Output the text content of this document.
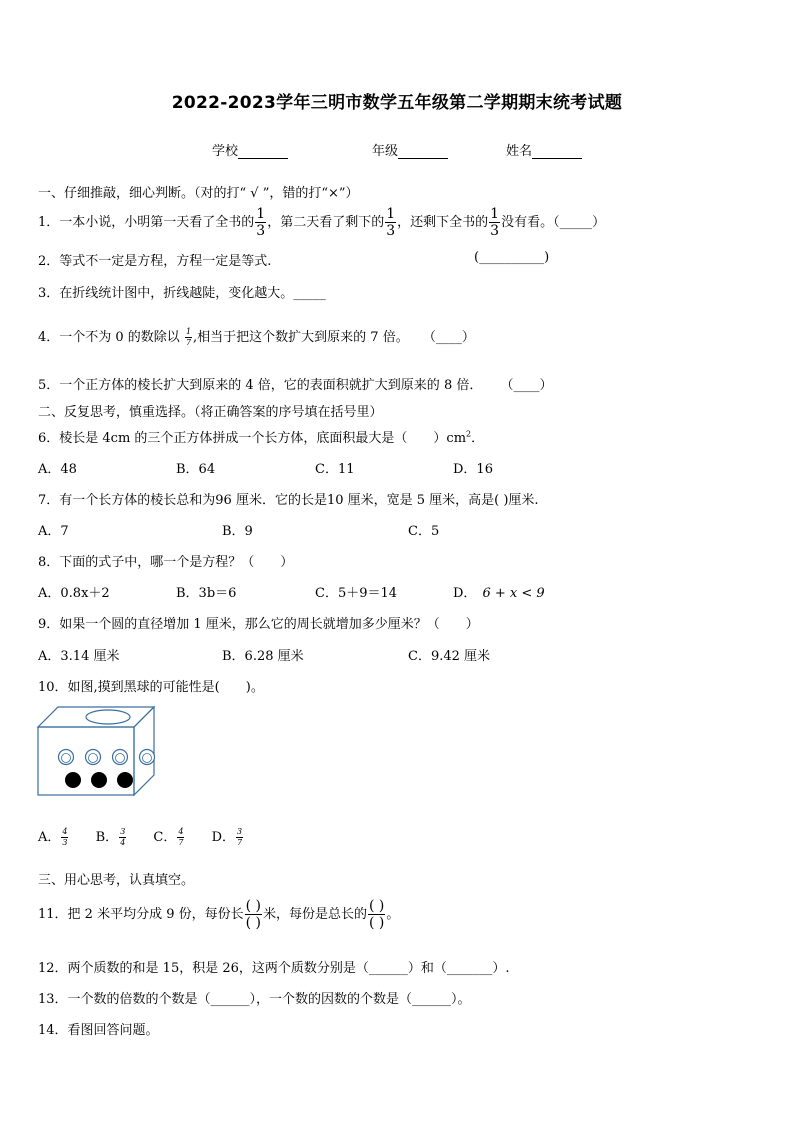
2022-2023学年三明市数学五年级第二学期期末统考试题
学校	年级	姓名
一、仔细推敲，细心判断。（对的打“ √ ”，错的打“×”）
1．一本小说，小明第一天看了全书的 $\frac{1}{3}$ ，第二天看了剩下的 $\frac{1}{3}$ ，还剩下全书的 $\frac{1}{3}$ 没有看。（_____）
2．等式不一定是方程，方程一定是等式.	(__________)
3．在折线统计图中，折线越陡，变化越大。_____
4．一个不为 0 的数除以 $\frac{1}{7}$ ,相当于把这个数扩大到原来的 7 倍。 （____）
5．一个正方体的棱长扩大到原来的 4 倍，它的表面积就扩大到原来的 8 倍． （____）
二、反复思考，慎重选择。（将正确答案的序号填在括号里）
6．棱长是 4cm 的三个正方体拼成一个长方体，底面积最大是（　　）$cm^2$．
A．48	B．64	C．11	D．16
7．有一个长方体的棱长总和为96 厘米．它的长是10 厘米，宽是 5 厘米，高是( )厘米.
A．7	B．9	C．5
8．下面的式子中，哪一个是方程？（　　）
A．0.8x＋2	B．3b＝6	C．5＋9＝14	D． 6 + x < 9
9．如果一个圆的直径增加 1 厘米，那么它的周长就增加多少厘米？（　　）
A．3.14 厘米	B．6.28 厘米	C．9.42 厘米
10．如图,摸到黑球的可能性是(　　)。
A． $\frac{4}{3}$ B． $\frac{3}{4}$ C． $\frac{4}{7}$ D． $\frac{3}{7}$
三、用心思考，认真填空。
11．把 2 米平均分成 9 份，每份长 $\frac{( )}{( )}$ 米，每份是总长的 $\frac{( )}{( )}$ 。
12．两个质数的和是 15，积是 26，这两个质数分别是（______）和（_______）.
13．一个数的倍数的个数是（______），一个数的因数的个数是（______）。
14．看图回答问题。
